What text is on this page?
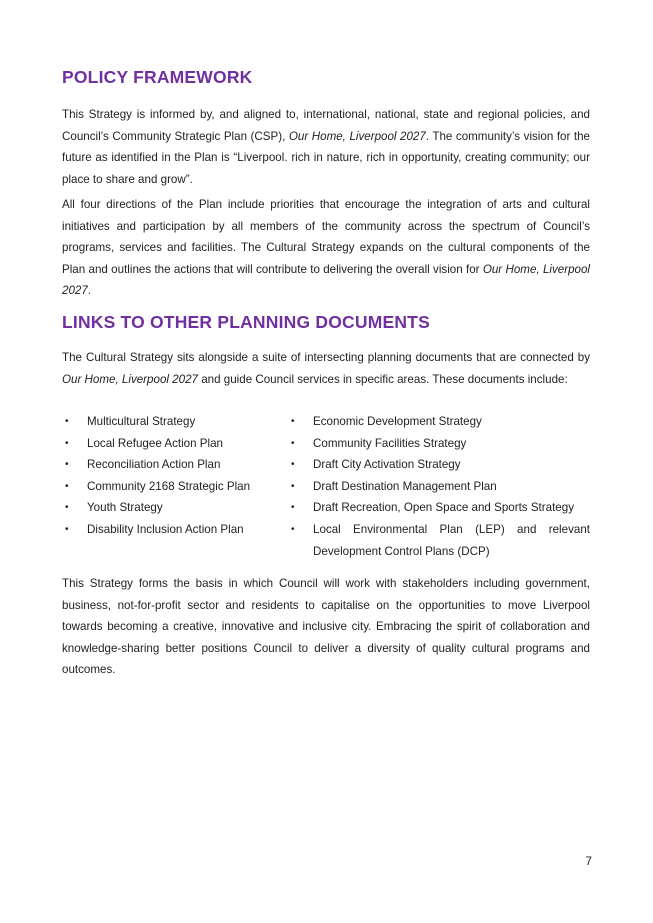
POLICY FRAMEWORK

This Strategy is informed by, and aligned to, international, national, state and regional policies, and Council’s Community Strategic Plan (CSP), Our Home, Liverpool 2027. The community’s vision for the future as identified in the Plan is “Liverpool. rich in nature, rich in opportunity, creating community; our place to share and grow”.

All four directions of the Plan include priorities that encourage the integration of arts and cultural initiatives and participation by all members of the community across the spectrum of Council’s programs, services and facilities. The Cultural Strategy expands on the cultural components of the Plan and outlines the actions that will contribute to delivering the overall vision for Our Home, Liverpool 2027.

LINKS TO OTHER PLANNING DOCUMENTS

The Cultural Strategy sits alongside a suite of intersecting planning documents that are connected by Our Home, Liverpool 2027 and guide Council services in specific areas. These documents include:

• Multicultural Strategy
• Local Refugee Action Plan
• Reconciliation Action Plan
• Community 2168 Strategic Plan
• Youth Strategy
• Disability Inclusion Action Plan
• Economic Development Strategy
• Community Facilities Strategy
• Draft City Activation Strategy
• Draft Destination Management Plan
• Draft Recreation, Open Space and Sports Strategy
• Local Environmental Plan (LEP) and relevant Development Control Plans (DCP)

This Strategy forms the basis in which Council will work with stakeholders including government, business, not-for-profit sector and residents to capitalise on the opportunities to move Liverpool towards becoming a creative, innovative and inclusive city. Embracing the spirit of collaboration and knowledge-sharing better positions Council to deliver a diversity of quality cultural programs and outcomes.

7
